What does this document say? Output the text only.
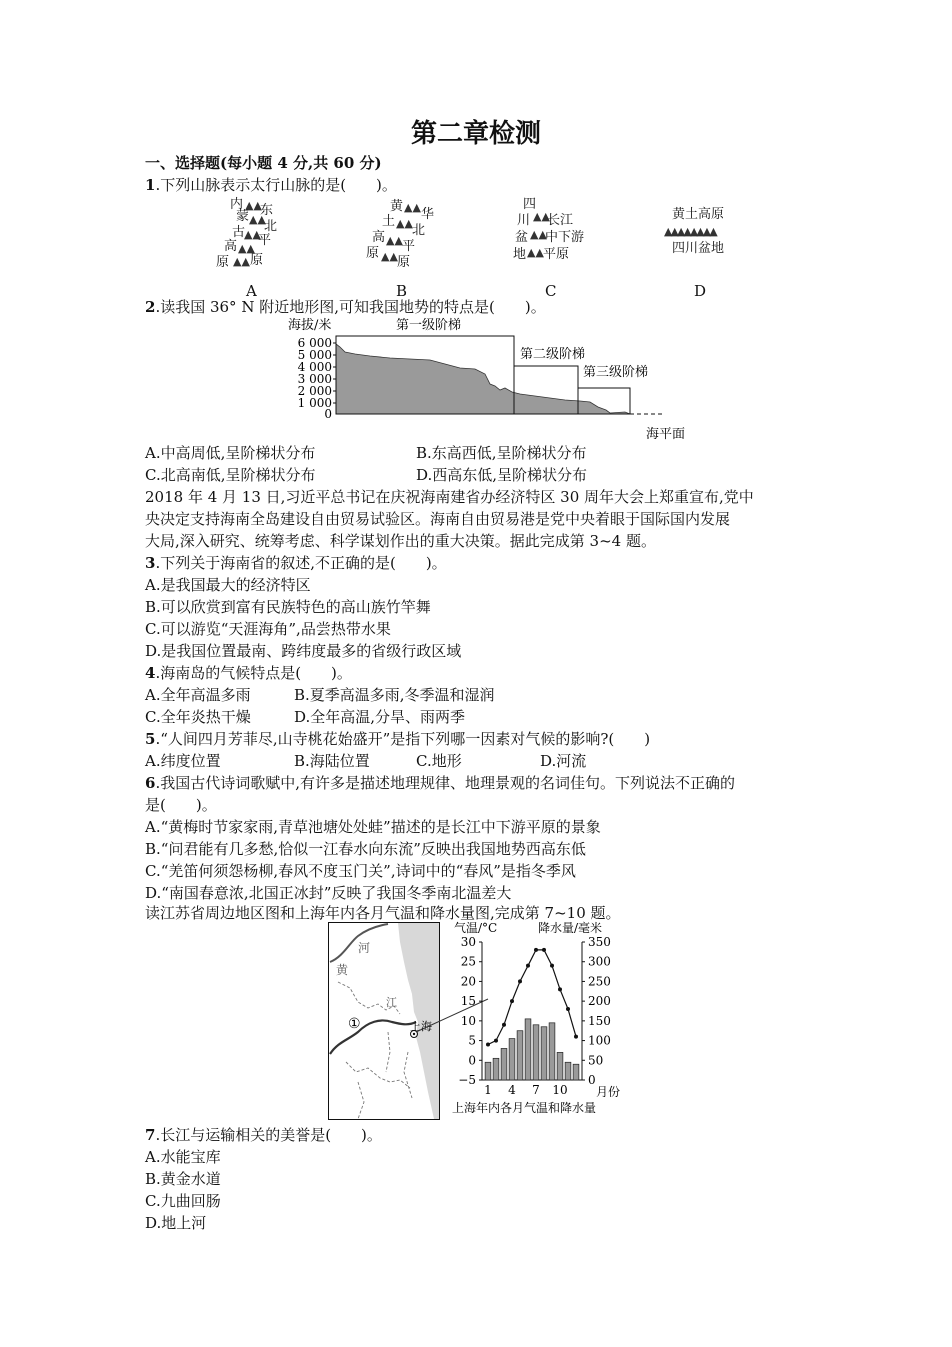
第二章检测
一、选择题(每小题 4 分,共 60 分)
1.下列山脉表示太行山脉的是(　　)。
内 ▲▲
东
蒙 ▲▲
北
古
▲▲
平
高 ▲▲
原 ▲▲ 原
黄 ▲▲ 华
土 ▲▲ 北
高 ▲▲ 平
原 ▲▲ 原
四
川 ▲▲
长江
盆 ▲▲
中下游
地 ▲▲ 平原
黄土高原
▲▲▲▲▲▲▲▲
四川盆地
A	B	C	D
2.读我国 36° N 附近地形图,可知我国地势的特点是(　　)。
海拔/米
6 000
5 000
4 000
3 000
2 000
1 000
0
第一级阶梯
第二级阶梯
第三级阶梯
海平面
A.中高周低,呈阶梯状分布	B.东高西低,呈阶梯状分布
C.北高南低,呈阶梯状分布	D.西高东低,呈阶梯状分布
2018 年 4 月 13 日,习近平总书记在庆祝海南建省办经济特区 30 周年大会上郑重宣布,党中
央决定支持海南全岛建设自由贸易试验区。海南自由贸易港是党中央着眼于国际国内发展
大局,深入研究、统筹考虑、科学谋划作出的重大决策。据此完成第 3~4 题。
3.下列关于海南省的叙述,不正确的是(　　)。
A.是我国最大的经济特区
B.可以欣赏到富有民族特色的高山族竹竿舞
C.可以游览“天涯海角”,品尝热带水果
D.是我国位置最南、跨纬度最多的省级行政区域
4.海南岛的气候特点是(　　)。
A.全年高温多雨	B.夏季高温多雨,冬季温和湿润
C.全年炎热干燥	D.全年高温,分旱、雨两季
5.“人间四月芳菲尽,山寺桃花始盛开”是指下列哪一因素对气候的影响?(　　)
A.纬度位置	B.海陆位置	C.地形	D.河流
6.我国古代诗词歌赋中,有许多是描述地理规律、地理景观的名词佳句。下列说法不正确的
是(　　)。
A.“黄梅时节家家雨,青草池塘处处蛙”描述的是长江中下游平原的景象
B.“问君能有几多愁,恰似一江春水向东流”反映出我国地势西高东低
C.“羌笛何须怨杨柳,春风不度玉门关”,诗词中的“春风”是指冬季风
D.“南国春意浓,北国正冰封”反映了我国冬季南北温差大
读江苏省周边地区图和上海年内各月气温和降水量图,完成第 7~10 题。
河
黄
江
①	上海
气温/°C	降水量/毫米
30
25
20
15
10
5
0
−5
350
300
250
200
150
100
50
0
1 4 7 10 月份
上海年内各月气温和降水量
7.长江与运输相关的美誉是(　　)。
A.水能宝库
B.黄金水道
C.九曲回肠
D.地上河
